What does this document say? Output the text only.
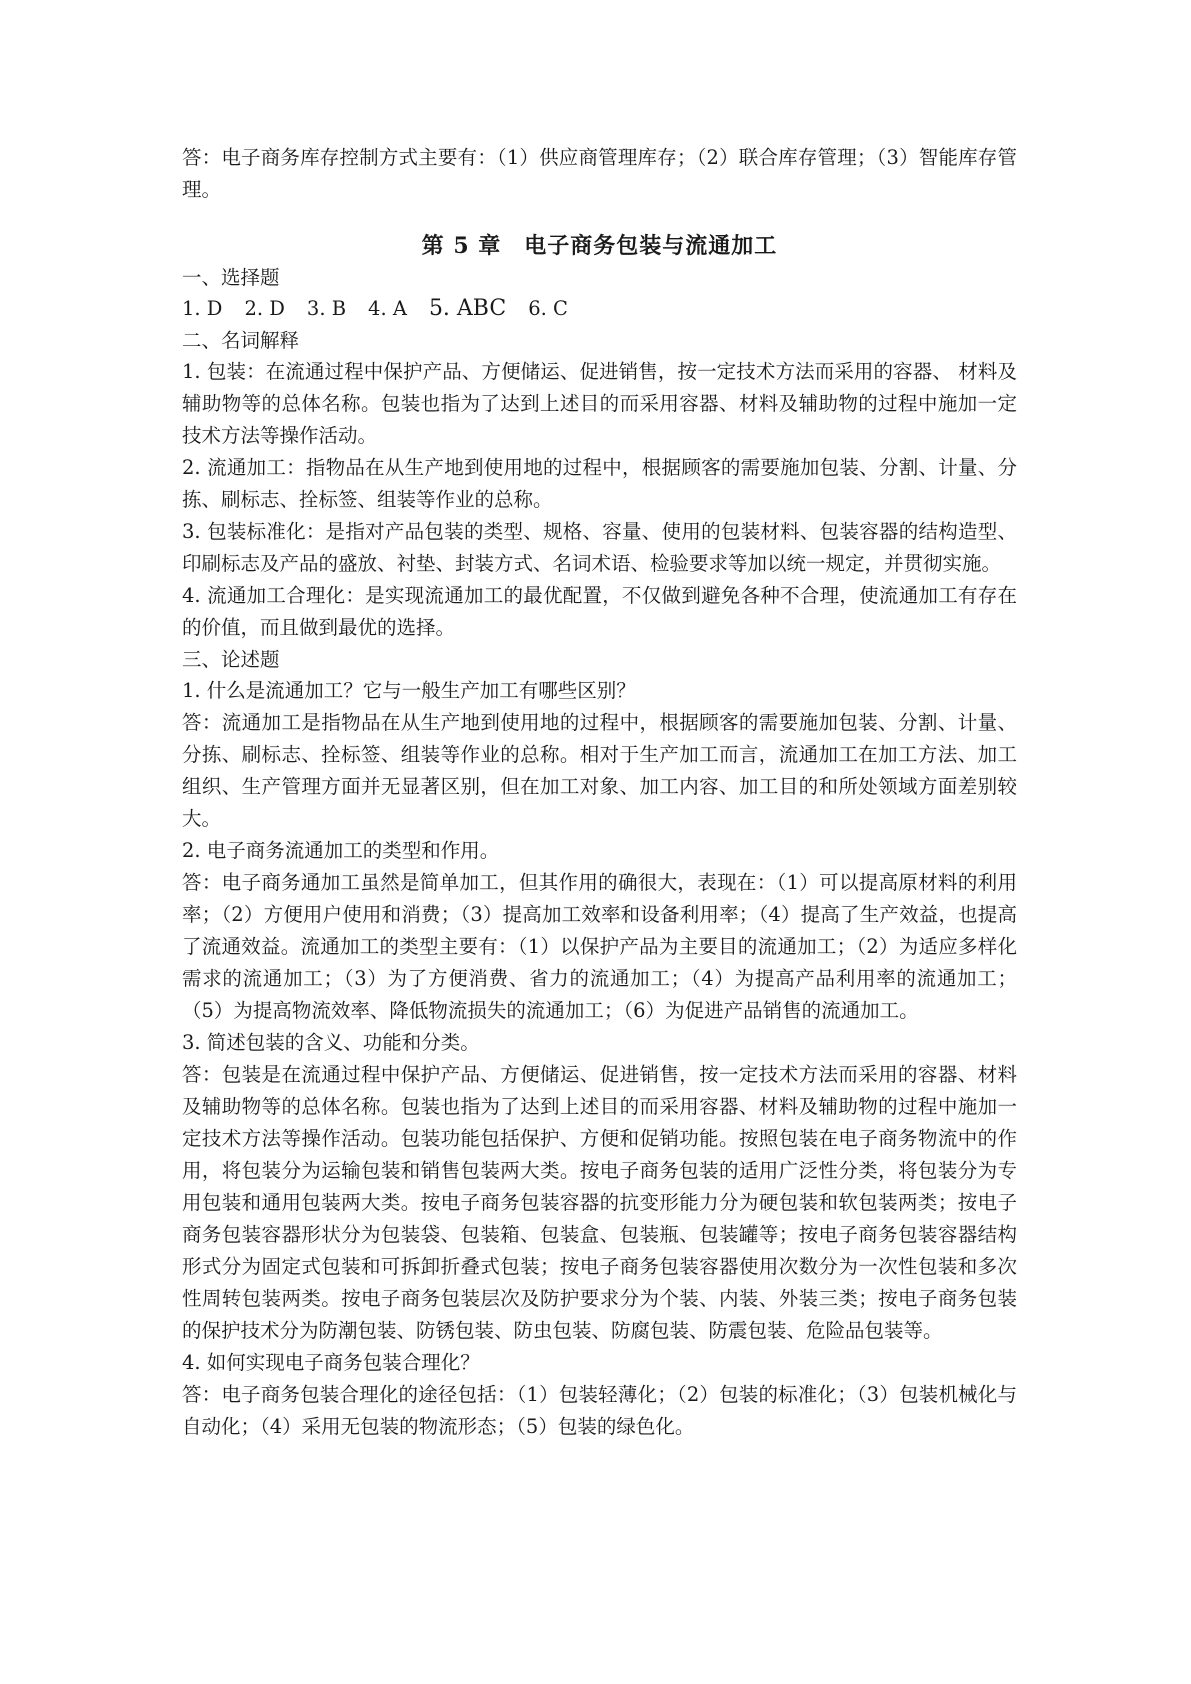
答：电子商务库存控制方式主要有：（1）供应商管理库存；（2）联合库存管理；（3）智能库存管理。

第 5 章　电子商务包装与流通加工

一、选择题

1. D 2. D 3. B 4. A 5. ABC 6. C

二、名词解释

1. 包装：在流通过程中保护产品、方便储运、促进销售，按一定技术方法而采用的容器、 材料及辅助物等的总体名称。包装也指为了达到上述目的而采用容器、材料及辅助物的过程中施加一定技术方法等操作活动。

2. 流通加工：指物品在从生产地到使用地的过程中，根据顾客的需要施加包装、分割、计量、分拣、刷标志、拴标签、组装等作业的总称。

3. 包装标准化：是指对产品包装的类型、规格、容量、使用的包装材料、包装容器的结构造型、印刷标志及产品的盛放、衬垫、封装方式、名词术语、检验要求等加以统一规定，并贯彻实施。

4. 流通加工合理化：是实现流通加工的最优配置，不仅做到避免各种不合理，使流通加工有存在的价值，而且做到最优的选择。

三、论述题

1. 什么是流通加工？它与一般生产加工有哪些区别？

答：流通加工是指物品在从生产地到使用地的过程中，根据顾客的需要施加包装、分割、计量、分拣、刷标志、拴标签、组装等作业的总称。相对于生产加工而言，流通加工在加工方法、加工组织、生产管理方面并无显著区别，但在加工对象、加工内容、加工目的和所处领域方面差别较大。

2. 电子商务流通加工的类型和作用。

答：电子商务通加工虽然是简单加工，但其作用的确很大，表现在：（1）可以提高原材料的利用率；（2）方便用户使用和消费；（3）提高加工效率和设备利用率；（4）提高了生产效益，也提高了流通效益。流通加工的类型主要有：（1）以保护产品为主要目的流通加工；（2）为适应多样化需求的流通加工；（3）为了方便消费、省力的流通加工；（4）为提高产品利用率的流通加工；（5）为提高物流效率、降低物流损失的流通加工；（6）为促进产品销售的流通加工。

3. 简述包装的含义、功能和分类。

答：包装是在流通过程中保护产品、方便储运、促进销售，按一定技术方法而采用的容器、材料及辅助物等的总体名称。包装也指为了达到上述目的而采用容器、材料及辅助物的过程中施加一定技术方法等操作活动。包装功能包括保护、方便和促销功能。按照包装在电子商务物流中的作用，将包装分为运输包装和销售包装两大类。按电子商务包装的适用广泛性分类，将包装分为专用包装和通用包装两大类。按电子商务包装容器的抗变形能力分为硬包装和软包装两类；按电子商务包装容器形状分为包装袋、包装箱、包装盒、包装瓶、包装罐等；按电子商务包装容器结构形式分为固定式包装和可拆卸折叠式包装；按电子商务包装容器使用次数分为一次性包装和多次性周转包装两类。按电子商务包装层次及防护要求分为个装、内装、外装三类；按电子商务包装的保护技术分为防潮包装、防锈包装、防虫包装、防腐包装、防震包装、危险品包装等。

4. 如何实现电子商务包装合理化？

答：电子商务包装合理化的途径包括：（1）包装轻薄化；（2）包装的标准化；（3）包装机械化与自动化；（4）采用无包装的物流形态；（5）包装的绿色化。
